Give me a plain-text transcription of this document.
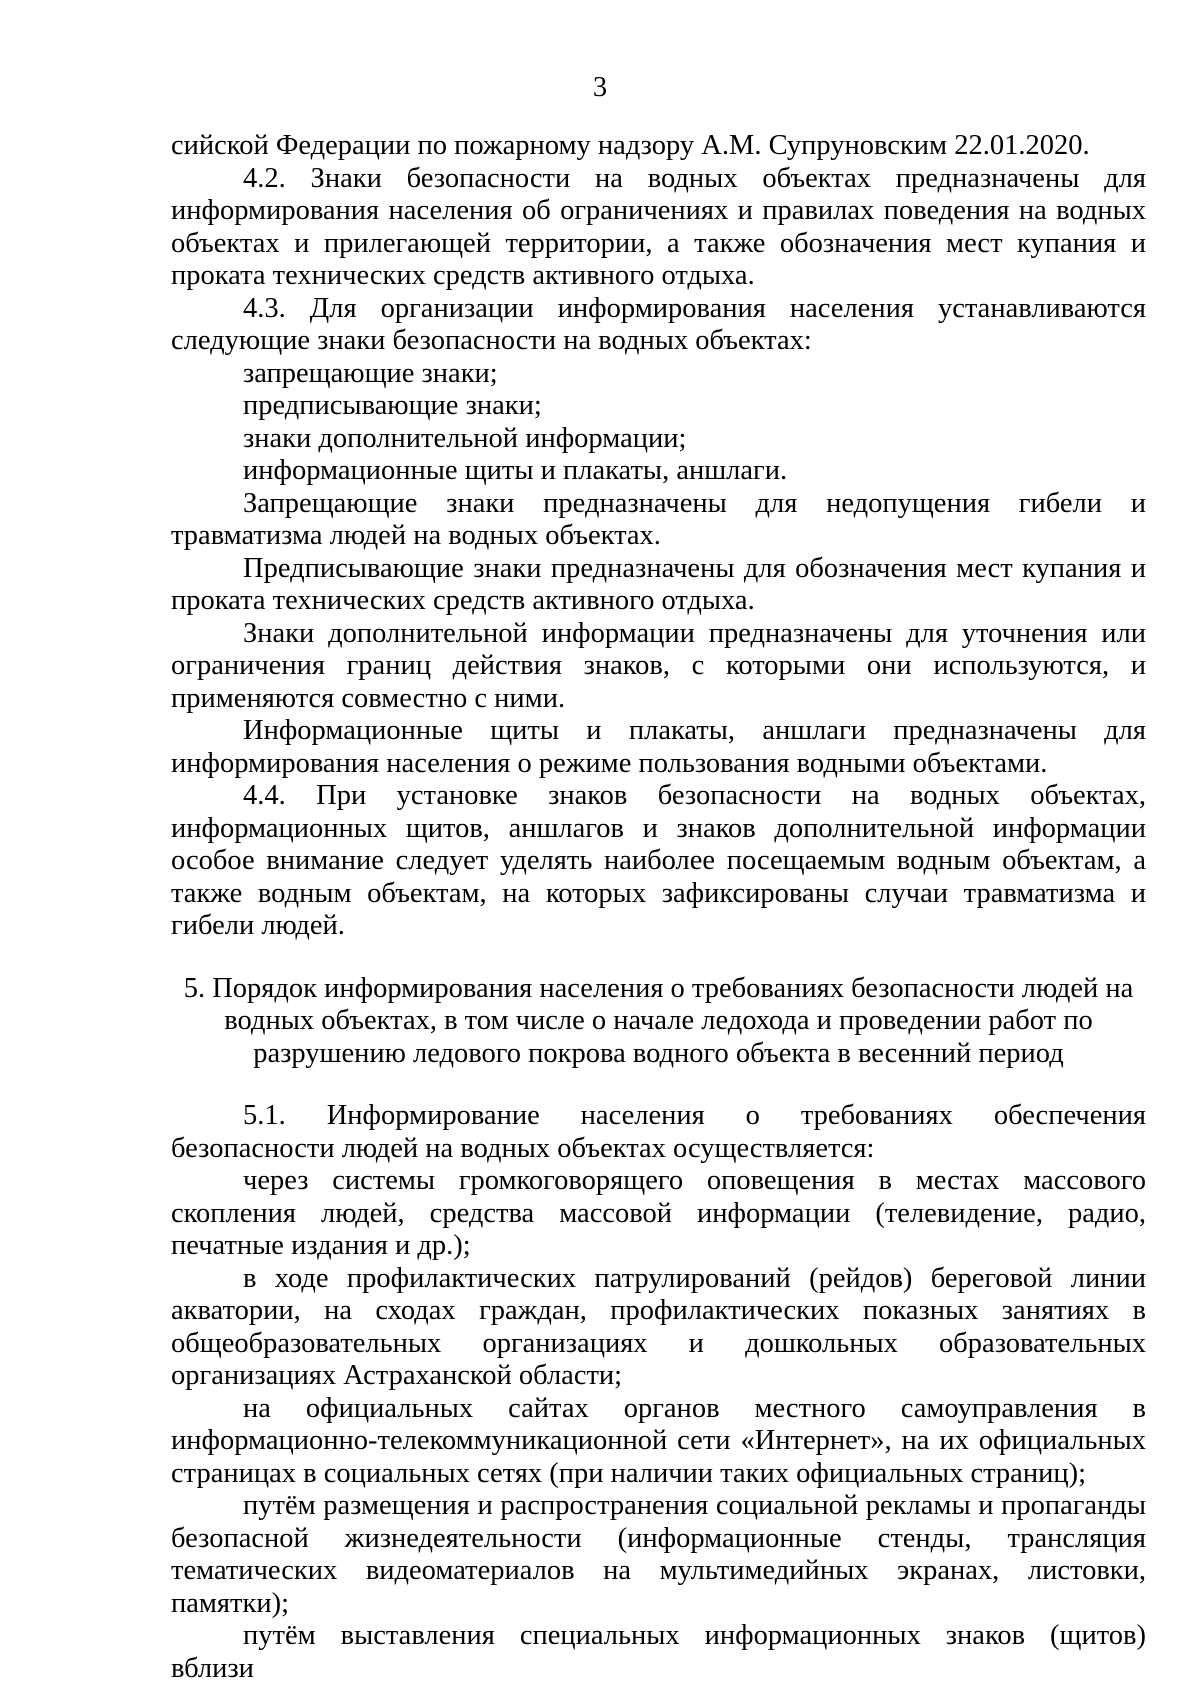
3

сийской Федерации по пожарному надзору А.М. Супруновским 22.01.2020.

4.2. Знаки безопасности на водных объектах предназначены для информирования населения об ограничениях и правилах поведения на водных объектах и прилегающей территории, а также обозначения мест купания и проката технических средств активного отдыха.

4.3. Для организации информирования населения устанавливаются следующие знаки безопасности на водных объектах:

запрещающие знаки;

предписывающие знаки;

знаки дополнительной информации;

информационные щиты и плакаты, аншлаги.

Запрещающие знаки предназначены для недопущения гибели и травматизма людей на водных объектах.

Предписывающие знаки предназначены для обозначения мест купания и проката технических средств активного отдыха.

Знаки дополнительной информации предназначены для уточнения или ограничения границ действия знаков, с которыми они используются, и применяются совместно с ними.

Информационные щиты и плакаты, аншлаги предназначены для информирования населения о режиме пользования водными объектами.

4.4. При установке знаков безопасности на водных объектах, информационных щитов, аншлагов и знаков дополнительной информации особое внимание следует уделять наиболее посещаемым водным объектам, а также водным объектам, на которых зафиксированы случаи травматизма и гибели людей.

5. Порядок информирования населения о требованиях безопасности людей на водных объектах, в том числе о начале ледохода и проведении работ по разрушению ледового покрова водного объекта в весенний период

5.1. Информирование населения о требованиях обеспечения безопасности людей на водных объектах осуществляется:

через системы громкоговорящего оповещения в местах массового скопления людей, средства массовой информации (телевидение, радио, печатные издания и др.);

в ходе профилактических патрулирований (рейдов) береговой линии акватории, на сходах граждан, профилактических показных занятиях в общеобразовательных организациях и дошкольных образовательных организациях Астраханской области;

на официальных сайтах органов местного самоуправления в информационно-телекоммуникационной сети «Интернет», на их официальных страницах в социальных сетях (при наличии таких официальных страниц);

путём размещения и распространения социальной рекламы и пропаганды безопасной жизнедеятельности (информационные стенды, трансляция тематических видеоматериалов на мультимедийных экранах, листовки, памятки);

путём выставления специальных информационных знаков (щитов) вблизи
